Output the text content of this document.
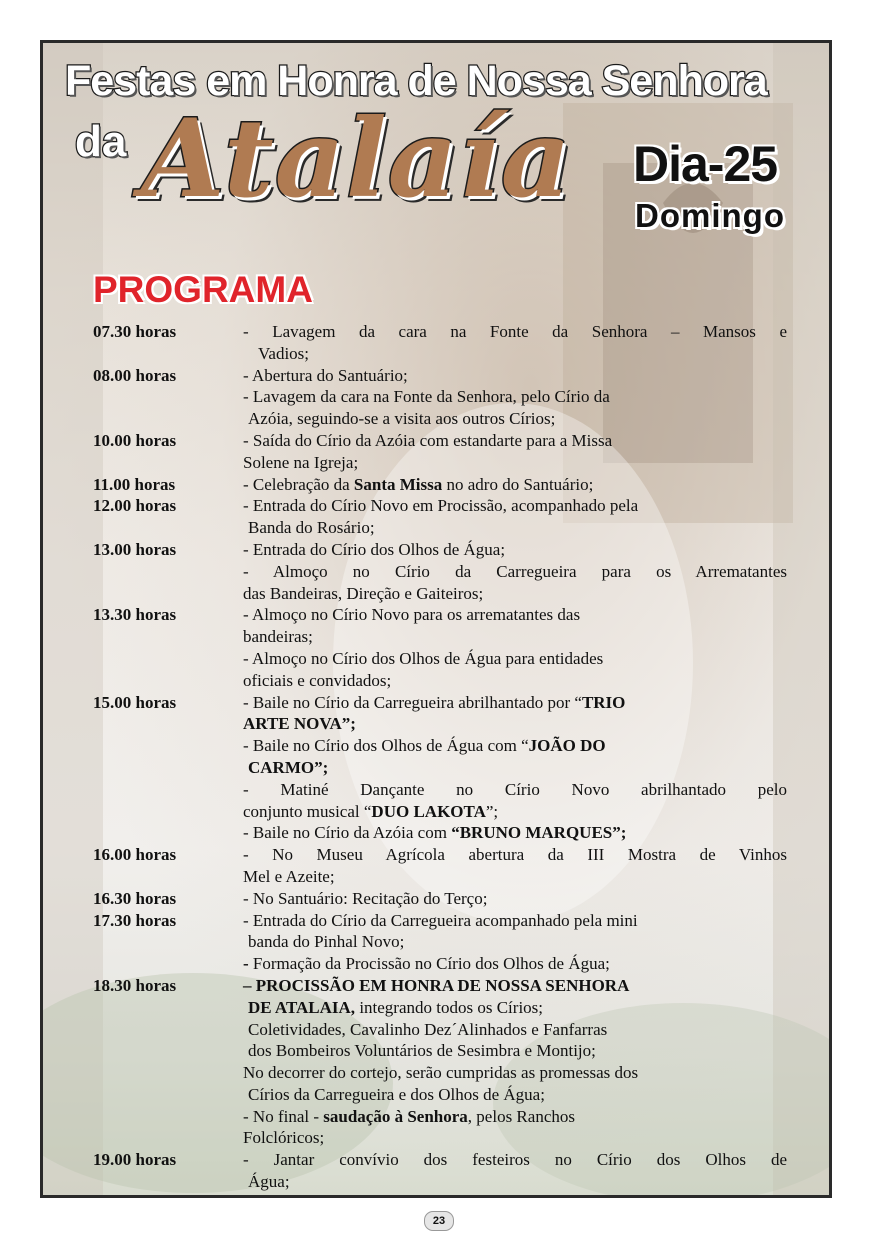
Festas em Honra de Nossa Senhora
da Atalaía	Dia-25
Domingo
PROGRAMA
07.30 horas	- Lavagem da cara na Fonte da Senhora – Mansos e
Vadios;
08.00 horas	- Abertura do Santuário;
- Lavagem da cara na Fonte da Senhora, pelo Círio da
Azóia, seguindo-se a visita aos outros Círios;
10.00 horas	- Saída do Círio da Azóia com estandarte para a Missa
Solene na Igreja;
11.00 horas	- Celebração da Santa Missa no adro do Santuário;
12.00 horas	- Entrada do Círio Novo em Procissão, acompanhado pela
Banda do Rosário;
13.00 horas	- Entrada do Círio dos Olhos de Água;
- Almoço no Círio da Carregueira para os Arrematantes
das Bandeiras, Direção e Gaiteiros;
13.30 horas	- Almoço no Círio Novo para os arrematantes das
bandeiras;
- Almoço no Círio dos Olhos de Água para entidades
oficiais e convidados;
15.00 horas	- Baile no Círio da Carregueira abrilhantado por “TRIO
ARTE NOVA”;
- Baile no Círio dos Olhos de Água com “JOÃO DO
CARMO”;
- Matiné Dançante no Círio Novo abrilhantado pelo
conjunto musical “DUO LAKOTA”;
- Baile no Círio da Azóia com “BRUNO MARQUES”;
16.00 horas	- No Museu Agrícola abertura da III Mostra de Vinhos
Mel e Azeite;
16.30 horas	- No Santuário: Recitação do Terço;
17.30 horas	- Entrada do Círio da Carregueira acompanhado pela mini
banda do Pinhal Novo;
- Formação da Procissão no Círio dos Olhos de Água;
18.30 horas	– PROCISSÃO EM HONRA DE NOSSA SENHORA
DE ATALAIA, integrando todos os Círios;
Coletividades, Cavalinho Dez´Alinhados e Fanfarras
dos Bombeiros Voluntários de Sesimbra e Montijo;
No decorrer do cortejo, serão cumpridas as promessas dos
Círios da Carregueira e dos Olhos de Água;
- No final - saudação à Senhora, pelos Ranchos
Folclóricos;
19.00 horas	- Jantar convívio dos festeiros no Círio dos Olhos de
Água;
23
